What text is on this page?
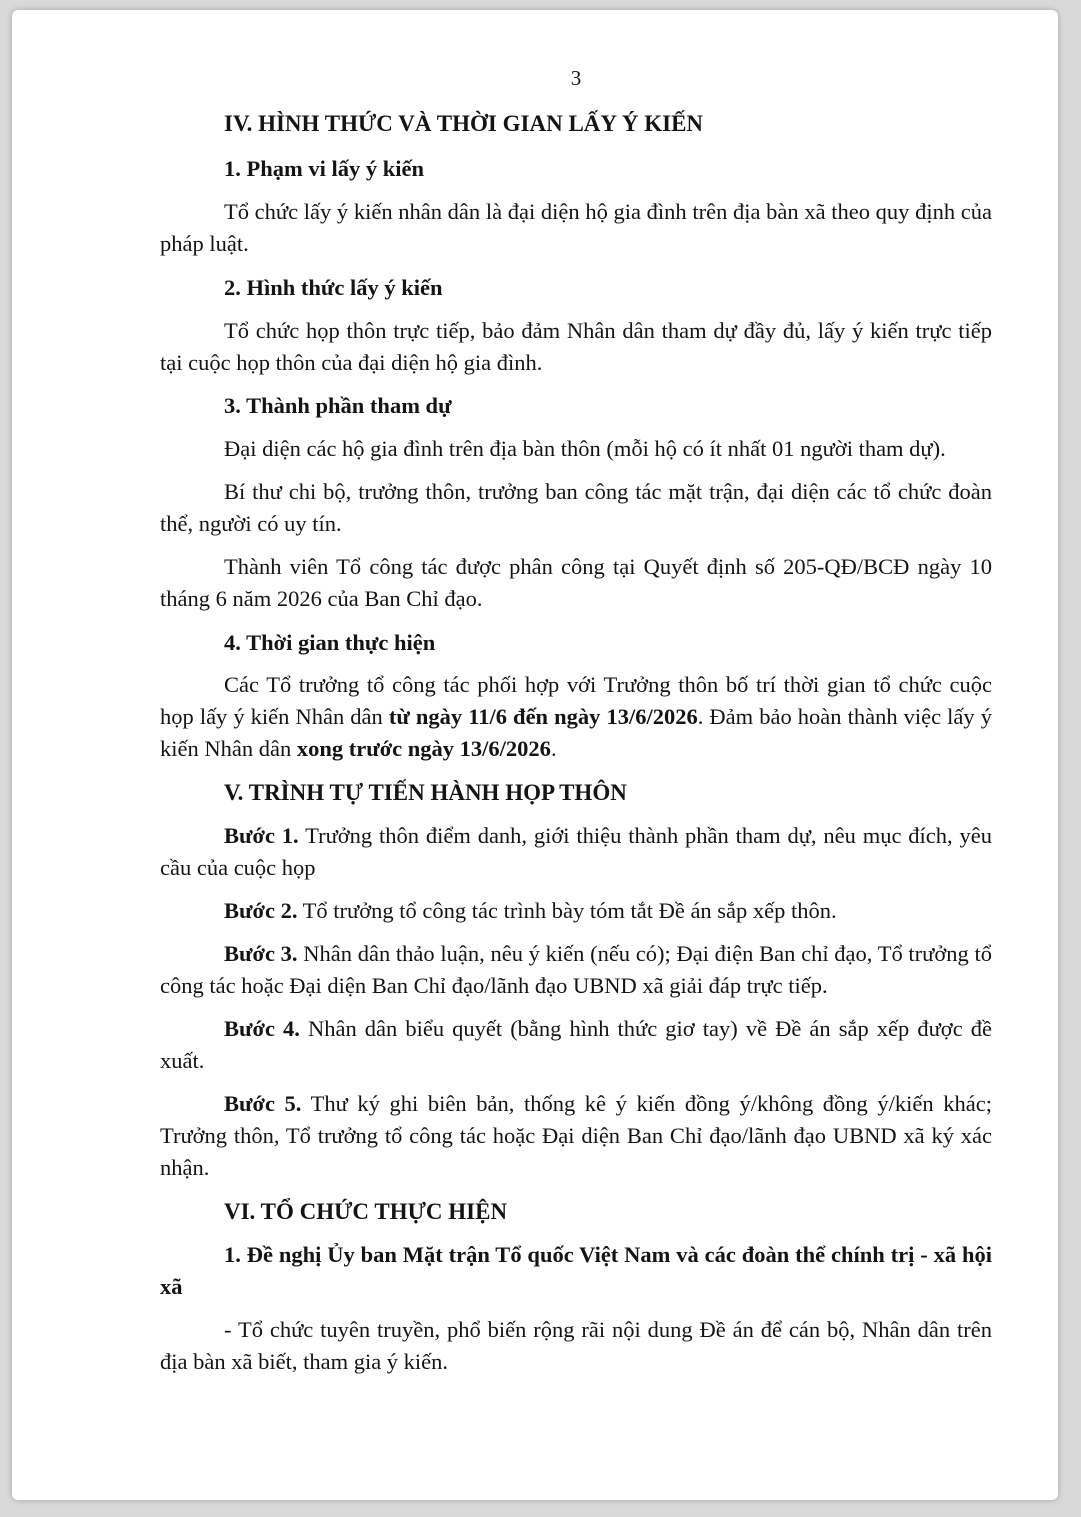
3

IV. HÌNH THỨC VÀ THỜI GIAN LẤY Ý KIẾN

1. Phạm vi lấy ý kiến

Tổ chức lấy ý kiến nhân dân là đại diện hộ gia đình trên địa bàn xã theo quy định của pháp luật.

2. Hình thức lấy ý kiến

Tổ chức họp thôn trực tiếp, bảo đảm Nhân dân tham dự đầy đủ, lấy ý kiến trực tiếp tại cuộc họp thôn của đại diện hộ gia đình.

3. Thành phần tham dự

Đại diện các hộ gia đình trên địa bàn thôn (mỗi hộ có ít nhất 01 người tham dự).

Bí thư chi bộ, trưởng thôn, trưởng ban công tác mặt trận, đại diện các tổ chức đoàn thể, người có uy tín.

Thành viên Tổ công tác được phân công tại Quyết định số 205-QĐ/BCĐ ngày 10 tháng 6 năm 2026 của Ban Chỉ đạo.

4. Thời gian thực hiện

Các Tổ trưởng tổ công tác phối hợp với Trưởng thôn bố trí thời gian tổ chức cuộc họp lấy ý kiến Nhân dân từ ngày 11/6 đến ngày 13/6/2026. Đảm bảo hoàn thành việc lấy ý kiến Nhân dân xong trước ngày 13/6/2026.

V. TRÌNH TỰ TIẾN HÀNH HỌP THÔN

Bước 1. Trưởng thôn điểm danh, giới thiệu thành phần tham dự, nêu mục đích, yêu cầu của cuộc họp

Bước 2. Tổ trưởng tổ công tác trình bày tóm tắt Đề án sắp xếp thôn.

Bước 3. Nhân dân thảo luận, nêu ý kiến (nếu có); Đại điện Ban chỉ đạo, Tổ trưởng tổ công tác hoặc Đại diện Ban Chỉ đạo/lãnh đạo UBND xã giải đáp trực tiếp.

Bước 4. Nhân dân biểu quyết (bằng hình thức giơ tay) về Đề án sắp xếp được đề xuất.

Bước 5. Thư ký ghi biên bản, thống kê ý kiến đồng ý/không đồng ý/kiến khác; Trưởng thôn, Tổ trưởng tổ công tác hoặc Đại diện Ban Chỉ đạo/lãnh đạo UBND xã ký xác nhận.

VI. TỔ CHỨC THỰC HIỆN

1. Đề nghị Ủy ban Mặt trận Tổ quốc Việt Nam và các đoàn thể chính trị - xã hội xã

- Tổ chức tuyên truyền, phổ biến rộng rãi nội dung Đề án để cán bộ, Nhân dân trên địa bàn xã biết, tham gia ý kiến.
